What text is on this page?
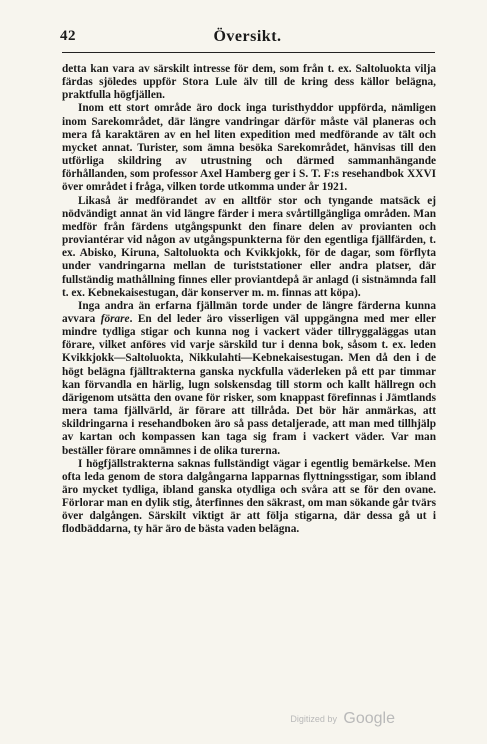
42	Översikt.

detta kan vara av särskilt intresse för dem, som från t. ex. Saltoluokta vilja färdas sjöledes uppför Stora Lule älv till de kring dess källor belägna, praktfulla högfjällen.

Inom ett stort område äro dock inga turisthyddor uppförda, nämligen inom Sarekområdet, där längre vandringar därför måste väl planeras och mera få karaktären av en hel liten expedition med medförande av tält och mycket annat. Turister, som ämna besöka Sarekområdet, hänvisas till den utförliga skildring av utrustning och därmed sammanhängande förhållanden, som professor Axel Hamberg ger i S. T. F:s resehandbok XXVI över området i fråga, vilken torde utkomma under år 1921.

Likaså är medförandet av en alltför stor och tyngande matsäck ej nödvändigt annat än vid längre färder i mera svårtillgängliga områden. Man medför från färdens utgångspunkt den finare delen av provianten och proviantérar vid någon av utgångspunkterna för den egentliga fjällfärden, t. ex. Abisko, Kiruna, Saltoluokta och Kvikkjokk, för de dagar, som förflyta under vandringarna mellan de turiststationer eller andra platser, där fullständig mathållning finnes eller proviantdepå är anlagd (i sistnämnda fall t. ex. Kebnekaisestugan, där konserver m. m. finnas att köpa).

Inga andra än erfarna fjällmän torde under de längre färderna kunna avvara förare. En del leder äro visserligen väl uppgängna med mer eller mindre tydliga stigar och kunna nog i vackert väder tillryggaläggas utan förare, vilket anföres vid varje särskild tur i denna bok, såsom t. ex. leden Kvikkjokk—Saltoluokta, Nikkulahti—Kebnekaisestugan. Men då den i de högt belägna fjälltrakterna ganska nyckfulla väderleken på ett par timmar kan förvandla en härlig, lugn solskensdag till storm och kallt hällregn och därigenom utsätta den ovane för risker, som knappast förefinnas i Jämtlands mera tama fjällvärld, är förare att tillråda. Det bör här anmärkas, att skildringarna i resehandboken äro så pass detaljerade, att man med tillhjälp av kartan och kompassen kan taga sig fram i vackert väder. Var man beställer förare omnämnes i de olika turerna.

I högfjällstrakterna saknas fullständigt vägar i egentlig bemärkelse. Men ofta leda genom de stora dalgångarna lapparnas flyttningsstigar, som ibland äro mycket tydliga, ibland ganska otydliga och svåra att se för den ovane. Förlorar man en dylik stig, återfinnes den säkrast, om man sökande går tvärs över dalgången. Särskilt viktigt är att följa stigarna, där dessa gå ut i flodbäddarna, ty här äro de bästa vaden belägna.

Digitized by Google
